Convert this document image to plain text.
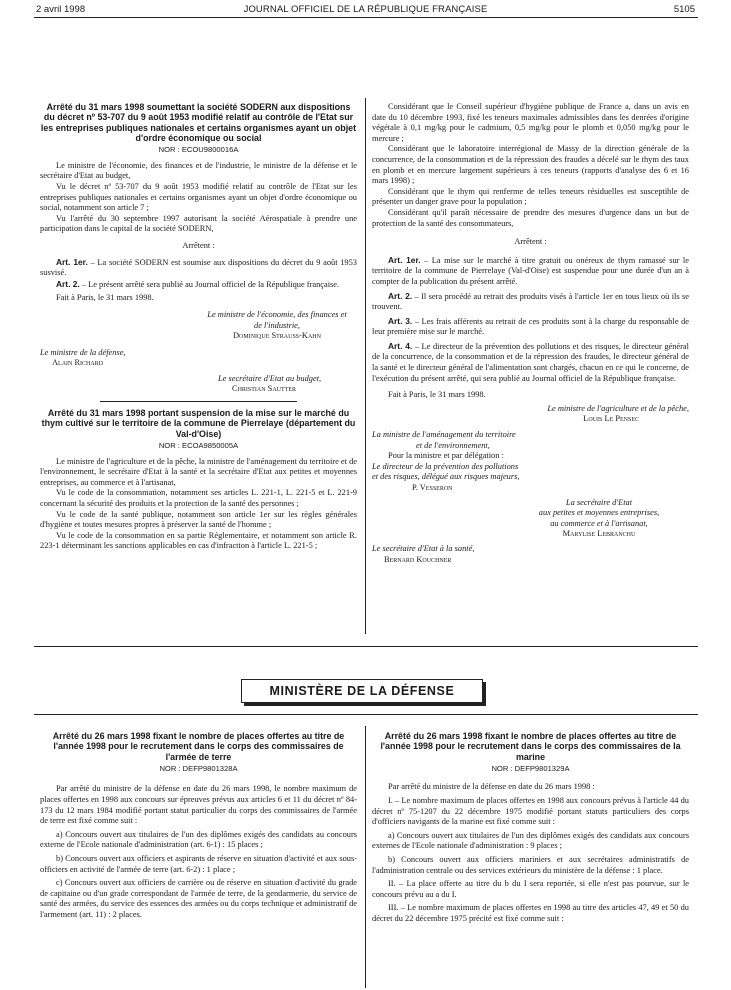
2 avril 1998	JOURNAL OFFICIEL DE LA RÉPUBLIQUE FRANÇAISE	5105
Arrêté du 31 mars 1998 soumettant la société SODERN aux dispositions du décret nº 53-707 du 9 août 1953 modifié relatif au contrôle de l'Etat sur les entreprises publiques nationales et certains organismes ayant un objet d'ordre économique ou social
NOR : ECOU9800016A

Le ministre de l'économie, des finances et de l'industrie, le ministre de la défense et le secrétaire d'Etat au budget,

Vu le décret nº 53-707 du 9 août 1953 modifié relatif au contrôle de l'Etat sur les entreprises publiques nationales et certains organismes ayant un objet d'ordre économique ou social, notamment son article 7 ;

Vu l'arrêté du 30 septembre 1997 autorisant la société Aérospatiale à prendre une participation dans le capital de la société SODERN,

Arrêtent :

Art. 1er. – La société SODERN est soumise aux dispositions du décret du 9 août 1953 susvisé.

Art. 2. – Le présent arrêté sera publié au Journal officiel de la République française.

Fait à Paris, le 31 mars 1998.

Le ministre de l'économie, des finances et de l'industrie,
Dominique Strauss-Kahn
Le ministre de la défense,
Alain Richard
Le secrétaire d'Etat au budget,
Christian Sautter
Arrêté du 31 mars 1998 portant suspension de la mise sur le marché du thym cultivé sur le territoire de la commune de Pierrelaye (département du Val-d'Oise)
NOR : ECOA9850005A

Le ministre de l'agriculture et de la pêche, la ministre de l'aménagement du territoire et de l'environnement, le secrétaire d'Etat à la santé et la secrétaire d'Etat aux petites et moyennes entreprises, au commerce et à l'artisanat,

Vu le code de la consommation, notamment ses articles L. 221-1, L. 221-5 et L. 221-9 concernant la sécurité des produits et la protection de la santé des personnes ;

Vu le code de la santé publique, notamment son article 1er sur les règles générales d'hygiène et toutes mesures propres à préserver la santé de l'homme ;

Vu le code de la consommation en sa partie Réglementaire, et notamment son article R. 223-1 déterminant les sanctions applicables en cas d'infraction à l'article L. 221-5 ;

Considérant que le Conseil supérieur d'hygiène publique de France a, dans un avis en date du 10 décembre 1993, fixé les teneurs maximales admissibles dans les denrées d'origine végétale à 0,1 mg/kg pour le cadmium, 0,5 mg/kg pour le plomb et 0,050 mg/kg pour le mercure ;

Considérant que le laboratoire interrégional de Massy de la direction générale de la concurrence, de la consommation et de la répression des fraudes a décelé sur le thym des taux en plomb et en mercure largement supérieurs à ces teneurs (rapports d'analyse des 6 et 16 mars 1998) ;

Considérant que le thym qui renferme de telles teneurs résiduelles est susceptible de présenter un danger grave pour la population ;

Considérant qu'il paraît nécessaire de prendre des mesures d'urgence dans un but de protection de la santé des consommateurs,

Arrêtent :

Art. 1er. – La mise sur le marché à titre gratuit ou onéreux de thym ramassé sur le territoire de la commune de Pierrelaye (Val-d'Oise) est suspendue pour une durée d'un an à compter de la publication du présent arrêté.

Art. 2. – Il sera procédé au retrait des produits visés à l'article 1er en tous lieux où ils se trouvent.

Art. 3. – Les frais afférents au retrait de ces produits sont à la charge du responsable de leur première mise sur le marché.

Art. 4. – Le directeur de la prévention des pollutions et des risques, le directeur général de la concurrence, de la consommation et de la répression des fraudes, le directeur général de la santé et le directeur général de l'alimentation sont chargés, chacun en ce qui le concerne, de l'exécution du présent arrêté, qui sera publié au Journal officiel de la République française.

Fait à Paris, le 31 mars 1998.

Le ministre de l'agriculture et de la pêche,
Louis Le Pensec
La ministre de l'aménagement du territoire
et de l'environnement,
Pour la ministre et par délégation :
Le directeur de la prévention des pollutions
et des risques, délégué aux risques majeurs,
P. Vesseron
La secrétaire d'Etat
aux petites et moyennes entreprises,
au commerce et à l'artisanat,
Marylise Lebranchu
Le secrétaire d'Etat à la santé,
Bernard Kouchner
MINISTÈRE DE LA DÉFENSE
Arrêté du 26 mars 1998 fixant le nombre de places offertes au titre de l'année 1998 pour le recrutement dans le corps des commissaires de l'armée de terre
NOR : DEFP9801328A

Par arrêté du ministre de la défense en date du 26 mars 1998, le nombre maximum de places offertes en 1998 aux concours sur épreuves prévus aux articles 6 et 11 du décret nº 84-173 du 12 mars 1984 modifié portant statut particulier du corps des commissaires de l'armée de terre est fixé comme suit :

a) Concours ouvert aux titulaires de l'un des diplômes exigés des candidats au concours externe de l'Ecole nationale d'administration (art. 6-1) : 15 places ;

b) Concours ouvert aux officiers et aspirants de réserve en situation d'activité et aux sous-officiers en activité de l'armée de terre (art. 6-2) : 1 place ;

c) Concours ouvert aux officiers de carrière ou de réserve en situation d'activité du grade de capitaine ou d'un grade correspondant de l'armée de terre, de la gendarmerie, du service de santé des armées, du service des essences des armées ou du corps technique et administratif de l'armement (art. 11) : 2 places.

Arrêté du 26 mars 1998 fixant le nombre de places offertes au titre de l'année 1998 pour le recrutement dans le corps des commissaires de la marine
NOR : DEFP9801329A

Par arrêté du ministre de la défense en date du 26 mars 1998 :

I. – Le nombre maximum de places offertes en 1998 aux concours prévus à l'article 44 du décret nº 75-1207 du 22 décembre 1975 modifié portant statuts particuliers des corps d'officiers navigants de la marine est fixé comme suit :

a) Concours ouvert aux titulaires de l'un des diplômes exigés des candidats aux concours externes de l'Ecole nationale d'administration : 9 places ;

b) Concours ouvert aux officiers mariniers et aux secrétaires administratifs de l'administration centrale ou des services extérieurs du ministère de la défense : 1 place.

II. – La place offerte au titre du b du I sera reportée, si elle n'est pas pourvue, sur le concours prévu au a du I.

III. – Le nombre maximum de places offertes en 1998 au titre des articles 47, 49 et 50 du décret du 22 décembre 1975 précité est fixé comme suit :
